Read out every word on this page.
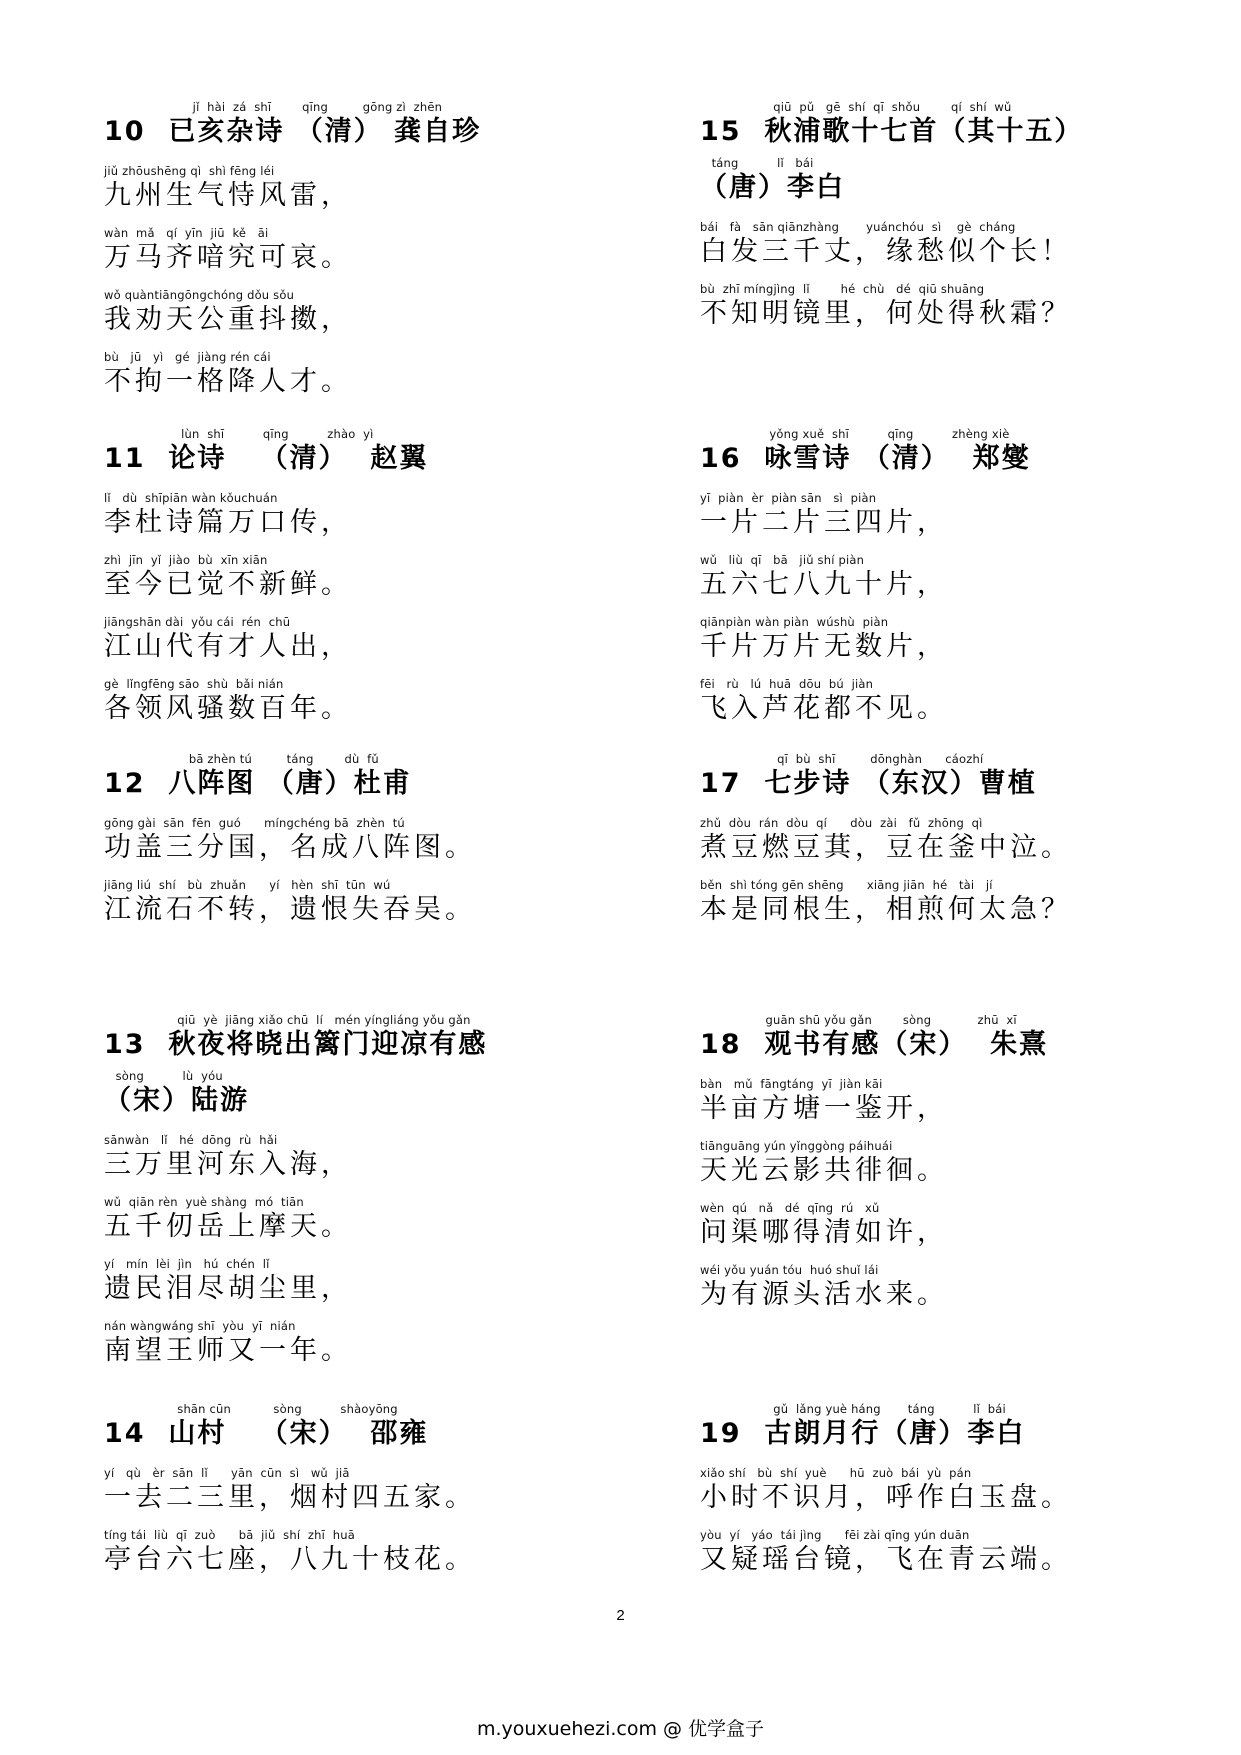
jǐ  hài  zá  shī        qīng         gōng zì  zhēn
10  已亥杂诗 （清） 龚自珍
jiǔ zhōushēng qì  shì fēng léi
九州生气恃风雷，
wàn  mǎ   qí  yīn  jiū  kě   āi
万马齐喑究可哀。
wǒ quàntiāngōngchóng dǒu sǒu
我劝天公重抖擞，
bù   jū   yì   gé  jiàng rén cái
不拘一格降人才。
lùn  shī          qīng          zhào  yì
11  论诗   （清）  赵翼
lǐ   dù  shīpiān wàn kǒuchuán
李杜诗篇万口传，
zhì  jīn  yǐ  jiào  bù  xīn xiān
至今已觉不新鲜。
jiāngshān dài  yǒu cái  rén  chū
江山代有才人出，
gè  lǐngfēng sāo  shù  bǎi nián
各领风骚数百年。
bā zhèn tú         táng        dù  fǔ
12  八阵图 （唐）杜甫
gōng gài  sān  fēn  guó      míngchéng bā  zhèn  tú
功盖三分国，名成八阵图。
jiāng liú  shí   bù  zhuǎn      yí   hèn  shī  tūn  wú
江流石不转，遗恨失吞吴。
qiū  yè  jiāng xiǎo chū  lí   mén yíngliáng yǒu gǎn
13  秋夜将晓出篱门迎凉有感
sòng          lù  yóu
（宋）陆游
sānwàn   lǐ   hé  dōng  rù  hǎi
三万里河东入海，
wǔ  qiān rèn  yuè shàng  mó  tiān
五千仞岳上摩天。
yí   mín  lèi  jìn   hú  chén  lǐ
遗民泪尽胡尘里，
nán wàngwáng shī  yòu  yī  nián
南望王师又一年。
shān cūn           sòng          shàoyōng
14  山村   （宋）  邵雍
yí   qù   èr  sān  lǐ      yān  cūn  sì   wǔ  jiā
一去二三里，烟村四五家。
tíng tái  liù  qī  zuò      bā  jiǔ  shí  zhī  huā
亭台六七座，八九十枝花。
qiū  pǔ   gē  shí  qī  shǒu        qí  shí  wǔ
15  秋浦歌十七首（其十五）
táng          lǐ   bái
（唐）李白
bái   fà   sān qiānzhàng       yuánchóu  sì    gè  cháng
白发三千丈，缘愁似个长！
bù  zhī míngjìng  lǐ        hé  chù   dé  qiū shuāng
不知明镜里，何处得秋霜？
yǒng xuě  shī          qīng          zhèng xiè
16  咏雪诗 （清）  郑燮
yī  piàn  èr  piàn sān   sì  piàn
一片二片三四片，
wǔ   liù  qī   bā   jiǔ shí piàn
五六七八九十片，
qiānpiàn wàn piàn  wúshù  piàn
千片万片无数片，
fēi   rù   lú  huā  dōu  bú  jiàn
飞入芦花都不见。
qī  bù  shī         dōnghàn      cáozhí
17  七步诗 （东汉）曹植
zhǔ  dòu  rán  dòu  qí      dòu  zài   fǔ  zhōng  qì
煮豆燃豆萁，豆在釜中泣。
běn  shì tóng gēn shēng      xiāng jiān  hé   tài   jí
本是同根生，相煎何太急？
guān shū yǒu gǎn        sòng            zhū  xī
18  观书有感（宋）  朱熹
bàn   mǔ  fāngtáng  yī  jiàn kāi
半亩方塘一鉴开，
tiānguāng yún yǐnggòng páihuái
天光云影共徘徊。
wèn  qú   nǎ   dé  qīng  rú   xǔ
问渠哪得清如许，
wéi yǒu yuán tóu  huó shuǐ lái
为有源头活水来。
gǔ  lǎng yuè háng       táng          lǐ  bái
19  古朗月行（唐）李白
xiǎo shí   bù  shí  yuè      hū  zuò  bái  yù  pán
小时不识月，呼作白玉盘。
yòu  yí   yáo  tái jìng      fēi zài qīng yún duān
又疑瑶台镜，飞在青云端。
2
m.youxuehezi.com @ 优学盒子
